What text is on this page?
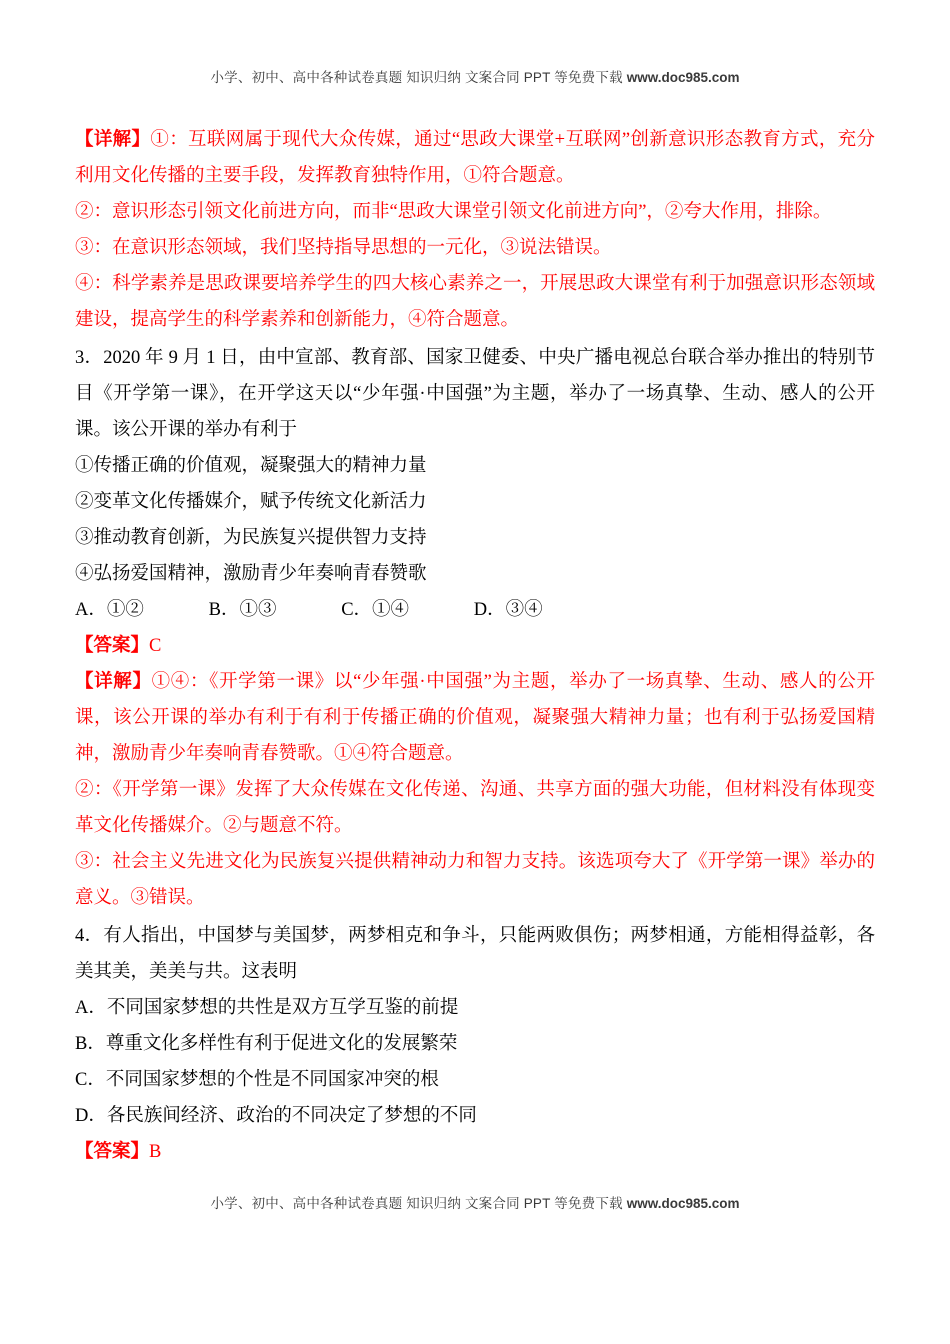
小学、初中、高中各种试卷真题 知识归纳 文案合同 PPT 等免费下载 www.doc985.com

【详解】①：互联网属于现代大众传媒，通过“思政大课堂+互联网”创新意识形态教育方式，充分利用文化传播的主要手段，发挥教育独特作用，①符合题意。

②：意识形态引领文化前进方向，而非“思政大课堂引领文化前进方向”，②夸大作用，排除。

③：在意识形态领域，我们坚持指导思想的一元化，③说法错误。

④：科学素养是思政课要培养学生的四大核心素养之一，开展思政大课堂有利于加强意识形态领域建设，提高学生的科学素养和创新能力，④符合题意。

3．2020 年 9 月 1 日，由中宣部、教育部、国家卫健委、中央广播电视总台联合举办推出的特别节目《开学第一课》，在开学这天以“少年强·中国强”为主题，举办了一场真挚、生动、感人的公开课。该公开课的举办有利于

①传播正确的价值观，凝聚强大的精神力量

②变革文化传播媒介，赋予传统文化新活力

③推动教育创新，为民族复兴提供智力支持

④弘扬爱国精神，激励青少年奏响青春赞歌

A．①②              B．①③              C．①④              D．③④

【答案】C

【详解】①④：《开学第一课》以“少年强·中国强”为主题，举办了一场真挚、生动、感人的公开课，该公开课的举办有利于有利于传播正确的价值观，凝聚强大精神力量；也有利于弘扬爱国精神，激励青少年奏响青春赞歌。①④符合题意。

②：《开学第一课》发挥了大众传媒在文化传递、沟通、共享方面的强大功能，但材料没有体现变革文化传播媒介。②与题意不符。

③：社会主义先进文化为民族复兴提供精神动力和智力支持。该选项夸大了《开学第一课》举办的意义。③错误。

4．有人指出，中国梦与美国梦，两梦相克和争斗，只能两败俱伤；两梦相通，方能相得益彰，各美其美，美美与共。这表明

A．不同国家梦想的共性是双方互学互鉴的前提

B．尊重文化多样性有利于促进文化的发展繁荣

C．不同国家梦想的个性是不同国家冲突的根

D．各民族间经济、政治的不同决定了梦想的不同

【答案】B

小学、初中、高中各种试卷真题 知识归纳 文案合同 PPT 等免费下载 www.doc985.com
